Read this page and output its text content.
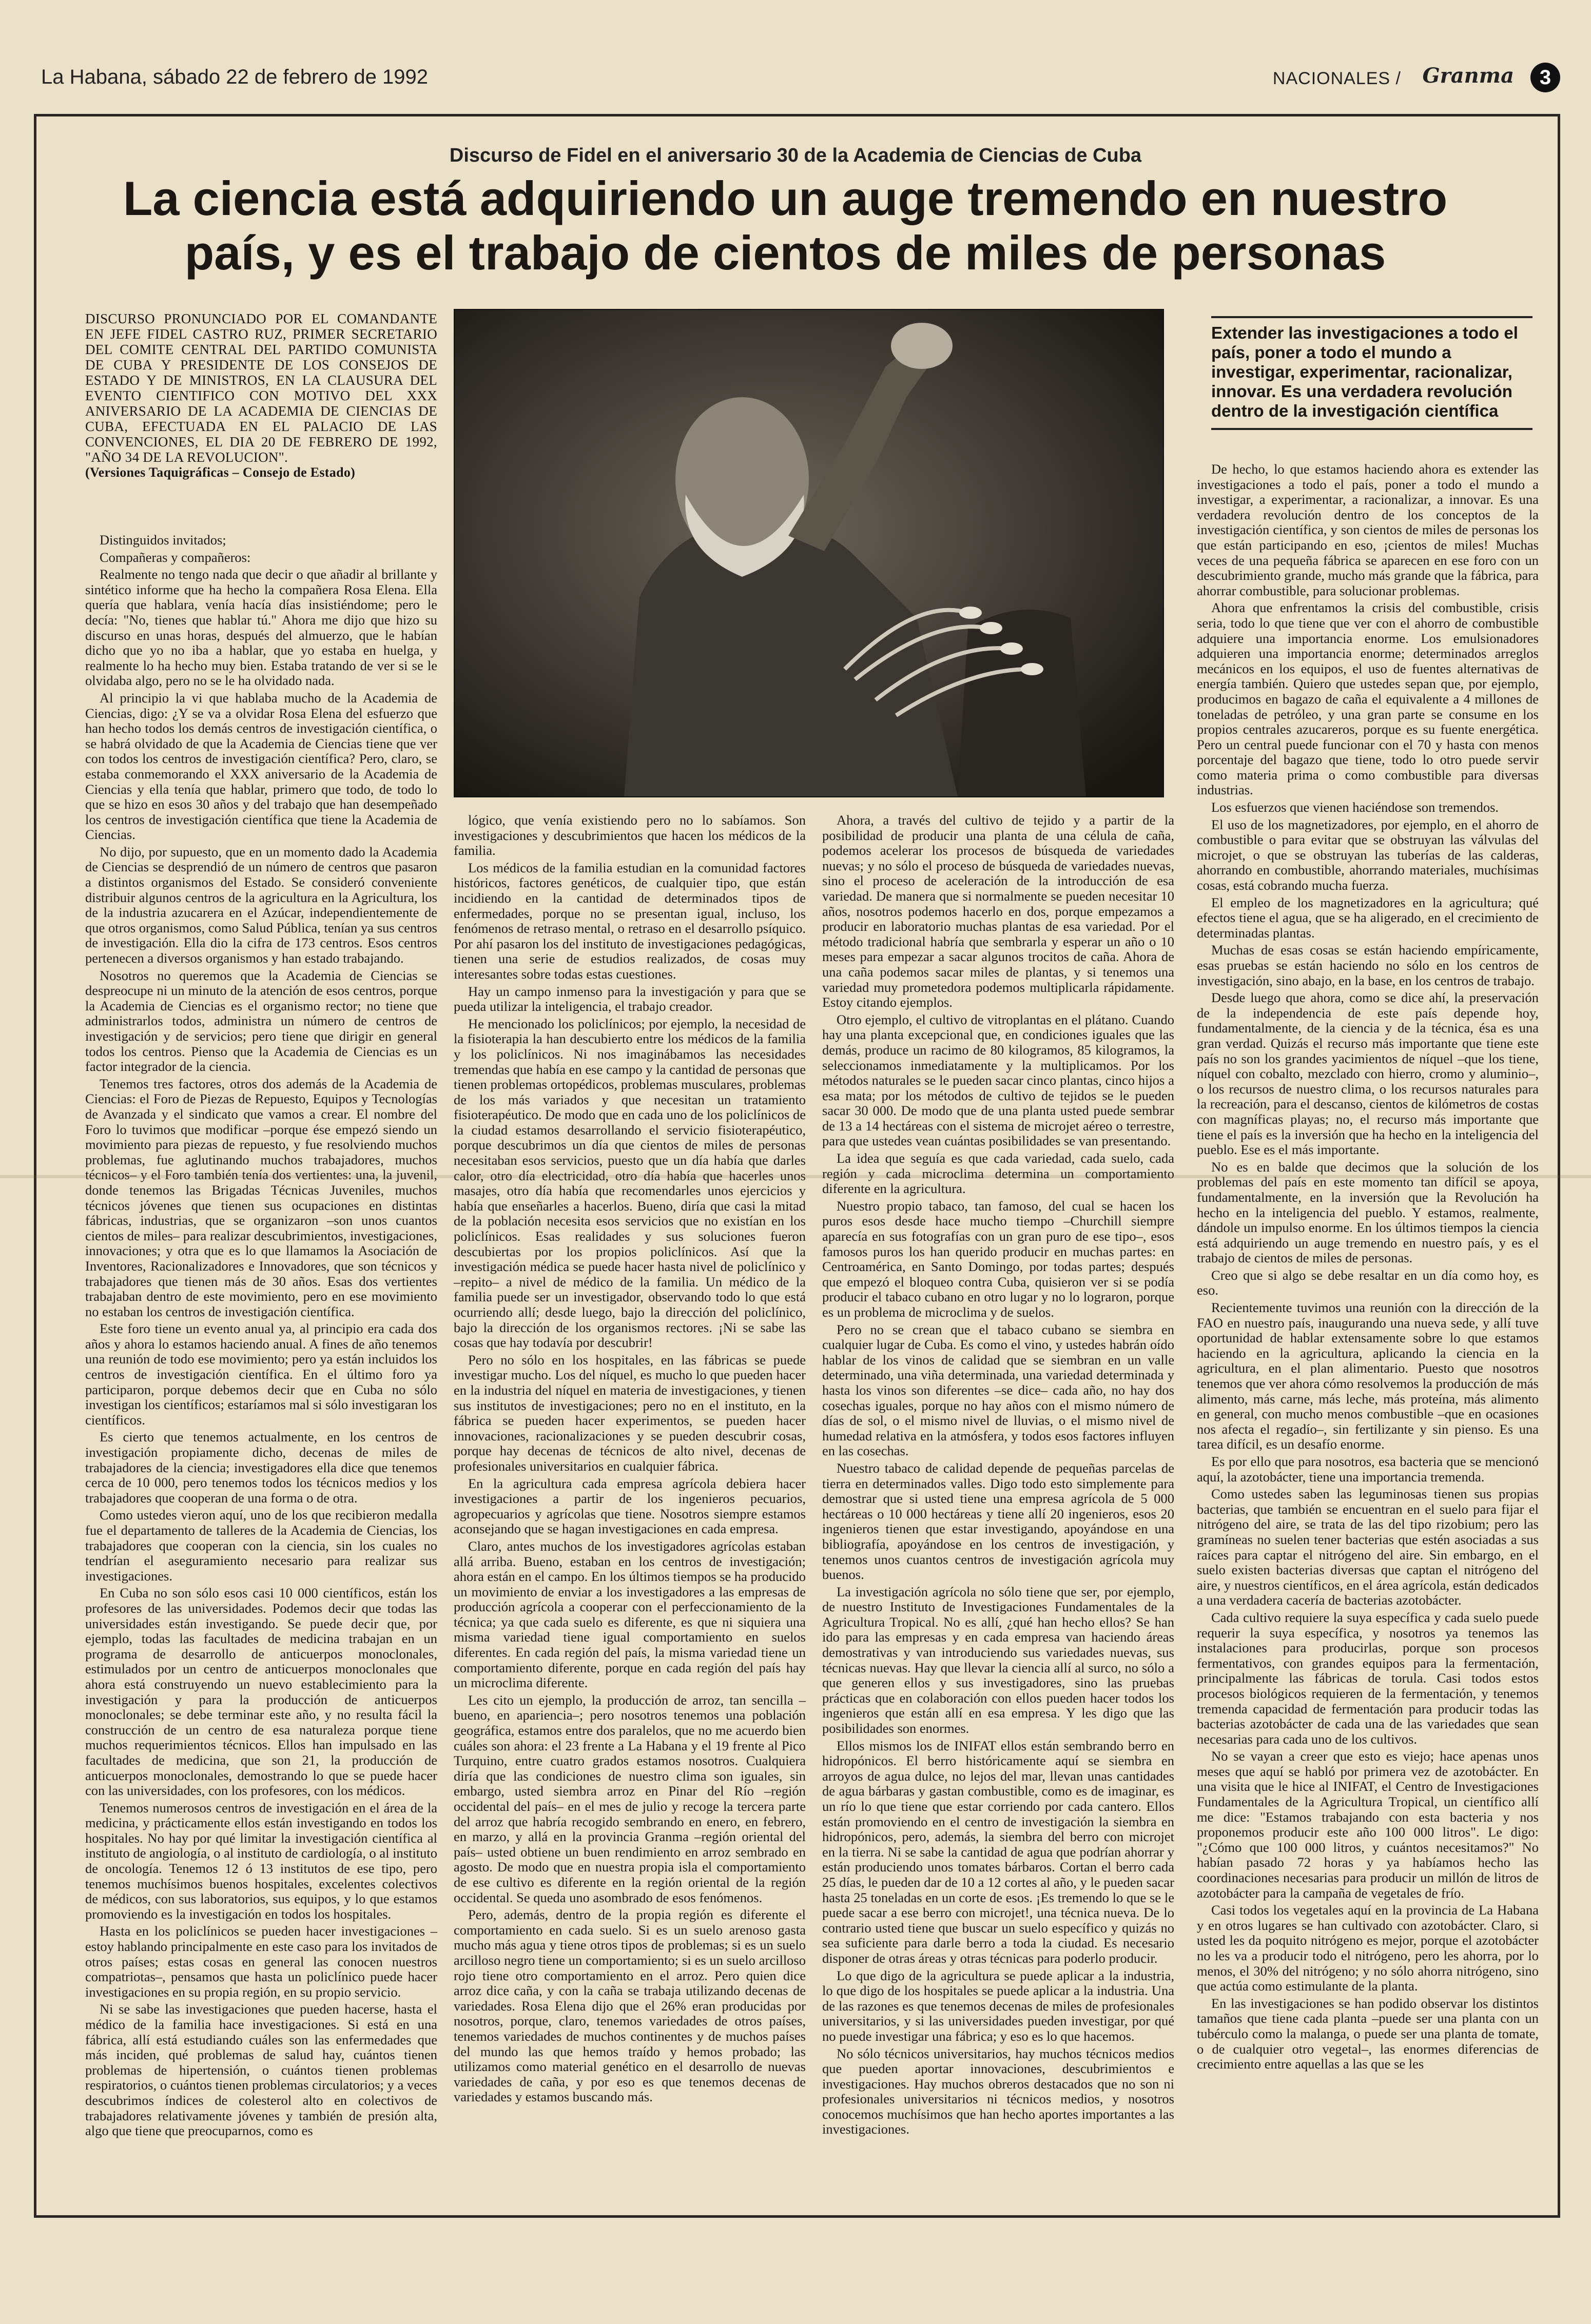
La Habana, sábado 22 de febrero de 1992	NACIONALES / Granma	3
Discurso de Fidel en el aniversario 30 de la Academia de Ciencias de Cuba
La ciencia está adquiriendo un auge tremendo en nuestro
país, y es el trabajo de cientos de miles de personas
DISCURSO PRONUNCIADO POR EL COMANDANTE EN JEFE FIDEL CASTRO RUZ, PRIMER SECRETARIO DEL COMITE CENTRAL DEL PARTIDO COMUNISTA DE CUBA Y PRESIDENTE DE LOS CONSEJOS DE ESTADO Y DE MINISTROS, EN LA CLAUSURA DEL EVENTO CIENTIFICO CON MOTIVO DEL XXX ANIVERSARIO DE LA ACADEMIA DE CIENCIAS DE CUBA, EFECTUADA EN EL PALACIO DE LAS CONVENCIONES, EL DIA 20 DE FEBRERO DE 1992, "AÑO 34 DE LA REVOLUCION".
(Versiones Taquigráficas – Consejo de Estado)
Extender las investigaciones a todo el país, poner a todo el mundo a investigar, experimentar, racionalizar, innovar. Es una verdadera revolución dentro de la investigación científica

Distinguidos invitados;

Compañeras y compañeros:

Realmente no tengo nada que decir o que añadir al brillante y sintético informe que ha hecho la compañera Rosa Elena. Ella quería que hablara, venía hacía días insistiéndome; pero le decía: "No, tienes que hablar tú." Ahora me dijo que hizo su discurso en unas horas, después del almuerzo, que le habían dicho que yo no iba a hablar, que yo estaba en huelga, y realmente lo ha hecho muy bien. Estaba tratando de ver si se le olvidaba algo, pero no se le ha olvidado nada.

Al principio la vi que hablaba mucho de la Academia de Ciencias, digo: ¿Y se va a olvidar Rosa Elena del esfuerzo que han hecho todos los demás centros de investigación científica, o se habrá olvidado de que la Academia de Ciencias tiene que ver con todos los centros de investigación científica? Pero, claro, se estaba conmemorando el XXX aniversario de la Academia de Ciencias y ella tenía que hablar, primero que todo, de todo lo que se hizo en esos 30 años y del trabajo que han desempeñado los centros de investigación científica que tiene la Academia de Ciencias.

No dijo, por supuesto, que en un momento dado la Academia de Ciencias se desprendió de un número de centros que pasaron a distintos organismos del Estado. Se consideró conveniente distribuir algunos centros de la agricultura en la Agricultura, los de la industria azucarera en el Azúcar, independientemente de que otros organismos, como Salud Pública, tenían ya sus centros de investigación. Ella dio la cifra de 173 centros. Esos centros pertenecen a diversos organismos y han estado trabajando.

Nosotros no queremos que la Academia de Ciencias se despreocupe ni un minuto de la atención de esos centros, porque la Academia de Ciencias es el organismo rector; no tiene que administrarlos todos, administra un número de centros de investigación y de servicios; pero tiene que dirigir en general todos los centros. Pienso que la Academia de Ciencias es un factor integrador de la ciencia.

Tenemos tres factores, otros dos además de la Academia de Ciencias: el Foro de Piezas de Repuesto, Equipos y Tecnologías de Avanzada y el sindicato que vamos a crear. El nombre del Foro lo tuvimos que modificar –porque ése empezó siendo un movimiento para piezas de repuesto, y fue resolviendo muchos problemas, fue aglutinando muchos trabajadores, muchos técnicos– y el Foro también tenía dos vertientes: una, la juvenil, donde tenemos las Brigadas Técnicas Juveniles, muchos técnicos jóvenes que tienen sus ocupaciones en distintas fábricas, industrias, que se organizaron –son unos cuantos cientos de miles– para realizar descubrimientos, investigaciones, innovaciones; y otra que es lo que llamamos la Asociación de Inventores, Racionalizadores e Innovadores, que son técnicos y trabajadores que tienen más de 30 años. Esas dos vertientes trabajaban dentro de este movimiento, pero en ese movimiento no estaban los centros de investigación científica.

Este foro tiene un evento anual ya, al principio era cada dos años y ahora lo estamos haciendo anual. A fines de año tenemos una reunión de todo ese movimiento; pero ya están incluidos los centros de investigación científica. En el último foro ya participaron, porque debemos decir que en Cuba no sólo investigan los científicos; estaríamos mal si sólo investigaran los científicos.

Es cierto que tenemos actualmente, en los centros de investigación propiamente dicho, decenas de miles de trabajadores de la ciencia; investigadores ella dice que tenemos cerca de 10 000, pero tenemos todos los técnicos medios y los trabajadores que cooperan de una forma o de otra.

Como ustedes vieron aquí, uno de los que recibieron medalla fue el departamento de talleres de la Academia de Ciencias, los trabajadores que cooperan con la ciencia, sin los cuales no tendrían el aseguramiento necesario para realizar sus investigaciones.

En Cuba no son sólo esos casi 10 000 científicos, están los profesores de las universidades. Podemos decir que todas las universidades están investigando. Se puede decir que, por ejemplo, todas las facultades de medicina trabajan en un programa de desarrollo de anticuerpos monoclonales, estimulados por un centro de anticuerpos monoclonales que ahora está construyendo un nuevo establecimiento para la investigación y para la producción de anticuerpos monoclonales; se debe terminar este año, y no resulta fácil la construcción de un centro de esa naturaleza porque tiene muchos requerimientos técnicos. Ellos han impulsado en las facultades de medicina, que son 21, la producción de anticuerpos monoclonales, demostrando lo que se puede hacer con las universidades, con los profesores, con los médicos.

Tenemos numerosos centros de investigación en el área de la medicina, y prácticamente ellos están investigando en todos los hospitales. No hay por qué limitar la investigación científica al instituto de angiología, o al instituto de cardiología, o al instituto de oncología. Tenemos 12 ó 13 institutos de ese tipo, pero tenemos muchísimos buenos hospitales, excelentes colectivos de médicos, con sus laboratorios, sus equipos, y lo que estamos promoviendo es la investigación en todos los hospitales.

Hasta en los policlínicos se pueden hacer investigaciones –estoy hablando principalmente en este caso para los invitados de otros países; estas cosas en general las conocen nuestros compatriotas–, pensamos que hasta un policlínico puede hacer investigaciones en su propia región, en su propio servicio.

Ni se sabe las investigaciones que pueden hacerse, hasta el médico de la familia hace investigaciones. Si está en una fábrica, allí está estudiando cuáles son las enfermedades que más inciden, qué problemas de salud hay, cuántos tienen problemas de hipertensión, o cuántos tienen problemas respiratorios, o cuántos tienen problemas circulatorios; y a veces descubrimos índices de colesterol alto en colectivos de trabajadores relativamente jóvenes y también de presión alta, algo que tiene que preocuparnos, como es

lógico, que venía existiendo pero no lo sabíamos. Son investigaciones y descubrimientos que hacen los médicos de la familia.

Los médicos de la familia estudian en la comunidad factores históricos, factores genéticos, de cualquier tipo, que están incidiendo en la cantidad de determinados tipos de enfermedades, porque no se presentan igual, incluso, los fenómenos de retraso mental, o retraso en el desarrollo psíquico. Por ahí pasaron los del instituto de investigaciones pedagógicas, tienen una serie de estudios realizados, de cosas muy interesantes sobre todas estas cuestiones.

Hay un campo inmenso para la investigación y para que se pueda utilizar la inteligencia, el trabajo creador.

He mencionado los policlínicos; por ejemplo, la necesidad de la fisioterapia la han descubierto entre los médicos de la familia y los policlínicos. Ni nos imaginábamos las necesidades tremendas que había en ese campo y la cantidad de personas que tienen problemas ortopédicos, problemas musculares, problemas de los más variados y que necesitan un tratamiento fisioterapéutico. De modo que en cada uno de los policlínicos de la ciudad estamos desarrollando el servicio fisioterapéutico, porque descubrimos un día que cientos de miles de personas necesitaban esos servicios, puesto que un día había que darles calor, otro día electricidad, otro día había que hacerles unos masajes, otro día había que recomendarles unos ejercicios y había que enseñarles a hacerlos. Bueno, diría que casi la mitad de la población necesita esos servicios que no existían en los policlínicos. Esas realidades y sus soluciones fueron descubiertas por los propios policlínicos. Así que la investigación médica se puede hacer hasta nivel de policlínico y –repito– a nivel de médico de la familia. Un médico de la familia puede ser un investigador, observando todo lo que está ocurriendo allí; desde luego, bajo la dirección del policlínico, bajo la dirección de los organismos rectores. ¡Ni se sabe las cosas que hay todavía por descubrir!

Pero no sólo en los hospitales, en las fábricas se puede investigar mucho. Los del níquel, es mucho lo que pueden hacer en la industria del níquel en materia de investigaciones, y tienen sus institutos de investigaciones; pero no en el instituto, en la fábrica se pueden hacer experimentos, se pueden hacer innovaciones, racionalizaciones y se pueden descubrir cosas, porque hay decenas de técnicos de alto nivel, decenas de profesionales universitarios en cualquier fábrica.

En la agricultura cada empresa agrícola debiera hacer investigaciones a partir de los ingenieros pecuarios, agropecuarios y agrícolas que tiene. Nosotros siempre estamos aconsejando que se hagan investigaciones en cada empresa.

Claro, antes muchos de los investigadores agrícolas estaban allá arriba. Bueno, estaban en los centros de investigación; ahora están en el campo. En los últimos tiempos se ha producido un movimiento de enviar a los investigadores a las empresas de producción agrícola a cooperar con el perfeccionamiento de la técnica; ya que cada suelo es diferente, es que ni siquiera una misma variedad tiene igual comportamiento en suelos diferentes. En cada región del país, la misma variedad tiene un comportamiento diferente, porque en cada región del país hay un microclima diferente.

Les cito un ejemplo, la producción de arroz, tan sencilla –bueno, en apariencia–; pero nosotros tenemos una población geográfica, estamos entre dos paralelos, que no me acuerdo bien cuáles son ahora: el 23 frente a La Habana y el 19 frente al Pico Turquino, entre cuatro grados estamos nosotros. Cualquiera diría que las condiciones de nuestro clima son iguales, sin embargo, usted siembra arroz en Pinar del Río –región occidental del país– en el mes de julio y recoge la tercera parte del arroz que habría recogido sembrando en enero, en febrero, en marzo, y allá en la provincia Granma –región oriental del país– usted obtiene un buen rendimiento en arroz sembrado en agosto. De modo que en nuestra propia isla el comportamiento de ese cultivo es diferente en la región oriental de la región occidental. Se queda uno asombrado de esos fenómenos.

Pero, además, dentro de la propia región es diferente el comportamiento en cada suelo. Si es un suelo arenoso gasta mucho más agua y tiene otros tipos de problemas; si es un suelo arcilloso negro tiene un comportamiento; si es un suelo arcilloso rojo tiene otro comportamiento en el arroz. Pero quien dice arroz dice caña, y con la caña se trabaja utilizando decenas de variedades. Rosa Elena dijo que el 26% eran producidas por nosotros, porque, claro, tenemos variedades de otros países, tenemos variedades de muchos continentes y de muchos países del mundo las que hemos traído y hemos probado; las utilizamos como material genético en el desarrollo de nuevas variedades de caña, y por eso es que tenemos decenas de variedades y estamos buscando más.

Ahora, a través del cultivo de tejido y a partir de la posibilidad de producir una planta de una célula de caña, podemos acelerar los procesos de búsqueda de variedades nuevas; y no sólo el proceso de búsqueda de variedades nuevas, sino el proceso de aceleración de la introducción de esa variedad. De manera que si normalmente se pueden necesitar 10 años, nosotros podemos hacerlo en dos, porque empezamos a producir en laboratorio muchas plantas de esa variedad. Por el método tradicional habría que sembrarla y esperar un año o 10 meses para empezar a sacar algunos trocitos de caña. Ahora de una caña podemos sacar miles de plantas, y si tenemos una variedad muy prometedora podemos multiplicarla rápidamente. Estoy citando ejemplos.

Otro ejemplo, el cultivo de vitroplantas en el plátano. Cuando hay una planta excepcional que, en condiciones iguales que las demás, produce un racimo de 80 kilogramos, 85 kilogramos, la seleccionamos inmediatamente y la multiplicamos. Por los métodos naturales se le pueden sacar cinco plantas, cinco hijos a esa mata; por los métodos de cultivo de tejidos se le pueden sacar 30 000. De modo que de una planta usted puede sembrar de 13 a 14 hectáreas con el sistema de microjet aéreo o terrestre, para que ustedes vean cuántas posibilidades se van presentando.

La idea que seguía es que cada variedad, cada suelo, cada región y cada microclima determina un comportamiento diferente en la agricultura.

Nuestro propio tabaco, tan famoso, del cual se hacen los puros esos desde hace mucho tiempo –Churchill siempre aparecía en sus fotografías con un gran puro de ese tipo–, esos famosos puros los han querido producir en muchas partes: en Centroamérica, en Santo Domingo, por todas partes; después que empezó el bloqueo contra Cuba, quisieron ver si se podía producir el tabaco cubano en otro lugar y no lo lograron, porque es un problema de microclima y de suelos.

Pero no se crean que el tabaco cubano se siembra en cualquier lugar de Cuba. Es como el vino, y ustedes habrán oído hablar de los vinos de calidad que se siembran en un valle determinado, una viña determinada, una variedad determinada y hasta los vinos son diferentes –se dice– cada año, no hay dos cosechas iguales, porque no hay años con el mismo número de días de sol, o el mismo nivel de lluvias, o el mismo nivel de humedad relativa en la atmósfera, y todos esos factores influyen en las cosechas.

Nuestro tabaco de calidad depende de pequeñas parcelas de tierra en determinados valles. Digo todo esto simplemente para demostrar que si usted tiene una empresa agrícola de 5 000 hectáreas o 10 000 hectáreas y tiene allí 20 ingenieros, esos 20 ingenieros tienen que estar investigando, apoyándose en una bibliografía, apoyándose en los centros de investigación, y tenemos unos cuantos centros de investigación agrícola muy buenos.

La investigación agrícola no sólo tiene que ser, por ejemplo, de nuestro Instituto de Investigaciones Fundamentales de la Agricultura Tropical. No es allí, ¿qué han hecho ellos? Se han ido para las empresas y en cada empresa van haciendo áreas demostrativas y van introduciendo sus variedades nuevas, sus técnicas nuevas. Hay que llevar la ciencia allí al surco, no sólo a que generen ellos y sus investigadores, sino las pruebas prácticas que en colaboración con ellos pueden hacer todos los ingenieros que están allí en esa empresa. Y les digo que las posibilidades son enormes.

Ellos mismos los de INIFAT ellos están sembrando berro en hidropónicos. El berro históricamente aquí se siembra en arroyos de agua dulce, no lejos del mar, llevan unas cantidades de agua bárbaras y gastan combustible, como es de imaginar, es un río lo que tiene que estar corriendo por cada cantero. Ellos están promoviendo en el centro de investigación la siembra en hidropónicos, pero, además, la siembra del berro con microjet en la tierra. Ni se sabe la cantidad de agua que podrían ahorrar y están produciendo unos tomates bárbaros. Cortan el berro cada 25 días, le pueden dar de 10 a 12 cortes al año, y le pueden sacar hasta 25 toneladas en un corte de esos. ¡Es tremendo lo que se le puede sacar a ese berro con microjet!, una técnica nueva. De lo contrario usted tiene que buscar un suelo específico y quizás no sea suficiente para darle berro a toda la ciudad. Es necesario disponer de otras áreas y otras técnicas para poderlo producir.

Lo que digo de la agricultura se puede aplicar a la industria, lo que digo de los hospitales se puede aplicar a la industria. Una de las razones es que tenemos decenas de miles de profesionales universitarios, y si las universidades pueden investigar, por qué no puede investigar una fábrica; y eso es lo que hacemos.

No sólo técnicos universitarios, hay muchos técnicos medios que pueden aportar innovaciones, descubrimientos e investigaciones. Hay muchos obreros destacados que no son ni profesionales universitarios ni técnicos medios, y nosotros conocemos muchísimos que han hecho aportes importantes a las investigaciones.

De hecho, lo que estamos haciendo ahora es extender las investigaciones a todo el país, poner a todo el mundo a investigar, a experimentar, a racionalizar, a innovar. Es una verdadera revolución dentro de los conceptos de la investigación científica, y son cientos de miles de personas los que están participando en eso, ¡cientos de miles! Muchas veces de una pequeña fábrica se aparecen en ese foro con un descubrimiento grande, mucho más grande que la fábrica, para ahorrar combustible, para solucionar problemas.

Ahora que enfrentamos la crisis del combustible, crisis seria, todo lo que tiene que ver con el ahorro de combustible adquiere una importancia enorme. Los emulsionadores adquieren una importancia enorme; determinados arreglos mecánicos en los equipos, el uso de fuentes alternativas de energía también. Quiero que ustedes sepan que, por ejemplo, producimos en bagazo de caña el equivalente a 4 millones de toneladas de petróleo, y una gran parte se consume en los propios centrales azucareros, porque es su fuente energética. Pero un central puede funcionar con el 70 y hasta con menos porcentaje del bagazo que tiene, todo lo otro puede servir como materia prima o como combustible para diversas industrias.

Los esfuerzos que vienen haciéndose son tremendos.

El uso de los magnetizadores, por ejemplo, en el ahorro de combustible o para evitar que se obstruyan las válvulas del microjet, o que se obstruyan las tuberías de las calderas, ahorrando en combustible, ahorrando materiales, muchísimas cosas, está cobrando mucha fuerza.

El empleo de los magnetizadores en la agricultura; qué efectos tiene el agua, que se ha aligerado, en el crecimiento de determinadas plantas.

Muchas de esas cosas se están haciendo empíricamente, esas pruebas se están haciendo no sólo en los centros de investigación, sino abajo, en la base, en los centros de trabajo.

Desde luego que ahora, como se dice ahí, la preservación de la independencia de este país depende hoy, fundamentalmente, de la ciencia y de la técnica, ésa es una gran verdad. Quizás el recurso más importante que tiene este país no son los grandes yacimientos de níquel –que los tiene, níquel con cobalto, mezclado con hierro, cromo y aluminio–, o los recursos de nuestro clima, o los recursos naturales para la recreación, para el descanso, cientos de kilómetros de costas con magníficas playas; no, el recurso más importante que tiene el país es la inversión que ha hecho en la inteligencia del pueblo. Ese es el más importante.

No es en balde que decimos que la solución de los problemas del país en este momento tan difícil se apoya, fundamentalmente, en la inversión que la Revolución ha hecho en la inteligencia del pueblo. Y estamos, realmente, dándole un impulso enorme. En los últimos tiempos la ciencia está adquiriendo un auge tremendo en nuestro país, y es el trabajo de cientos de miles de personas.

Creo que si algo se debe resaltar en un día como hoy, es eso.

Recientemente tuvimos una reunión con la dirección de la FAO en nuestro país, inaugurando una nueva sede, y allí tuve oportunidad de hablar extensamente sobre lo que estamos haciendo en la agricultura, aplicando la ciencia en la agricultura, en el plan alimentario. Puesto que nosotros tenemos que ver ahora cómo resolvemos la producción de más alimento, más carne, más leche, más proteína, más alimento en general, con mucho menos combustible –que en ocasiones nos afecta el regadío–, sin fertilizante y sin pienso. Es una tarea difícil, es un desafío enorme.

Es por ello que para nosotros, esa bacteria que se mencionó aquí, la azotobácter, tiene una importancia tremenda.

Como ustedes saben las leguminosas tienen sus propias bacterias, que también se encuentran en el suelo para fijar el nitrógeno del aire, se trata de las del tipo rizobium; pero las gramíneas no suelen tener bacterias que estén asociadas a sus raíces para captar el nitrógeno del aire. Sin embargo, en el suelo existen bacterias diversas que captan el nitrógeno del aire, y nuestros científicos, en el área agrícola, están dedicados a una verdadera cacería de bacterias azotobácter.

Cada cultivo requiere la suya específica y cada suelo puede requerir la suya específica, y nosotros ya tenemos las instalaciones para producirlas, porque son procesos fermentativos, con grandes equipos para la fermentación, principalmente las fábricas de torula. Casi todos estos procesos biológicos requieren de la fermentación, y tenemos tremenda capacidad de fermentación para producir todas las bacterias azotobácter de cada una de las variedades que sean necesarias para cada uno de los cultivos.

No se vayan a creer que esto es viejo; hace apenas unos meses que aquí se habló por primera vez de azotobácter. En una visita que le hice al INIFAT, el Centro de Investigaciones Fundamentales de la Agricultura Tropical, un científico allí me dice: "Estamos trabajando con esta bacteria y nos proponemos producir este año 100 000 litros". Le digo: "¿Cómo que 100 000 litros, y cuántos necesitamos?" No habían pasado 72 horas y ya habíamos hecho las coordinaciones necesarias para producir un millón de litros de azotobácter para la campaña de vegetales de frío.

Casi todos los vegetales aquí en la provincia de La Habana y en otros lugares se han cultivado con azotobácter. Claro, si usted les da poquito nitrógeno es mejor, porque el azotobácter no les va a producir todo el nitrógeno, pero les ahorra, por lo menos, el 30% del nitrógeno; y no sólo ahorra nitrógeno, sino que actúa como estimulante de la planta.

En las investigaciones se han podido observar los distintos tamaños que tiene cada planta –puede ser una planta con un tubérculo como la malanga, o puede ser una planta de tomate, o de cualquier otro vegetal–, las enormes diferencias de crecimiento entre aquellas a las que se les
